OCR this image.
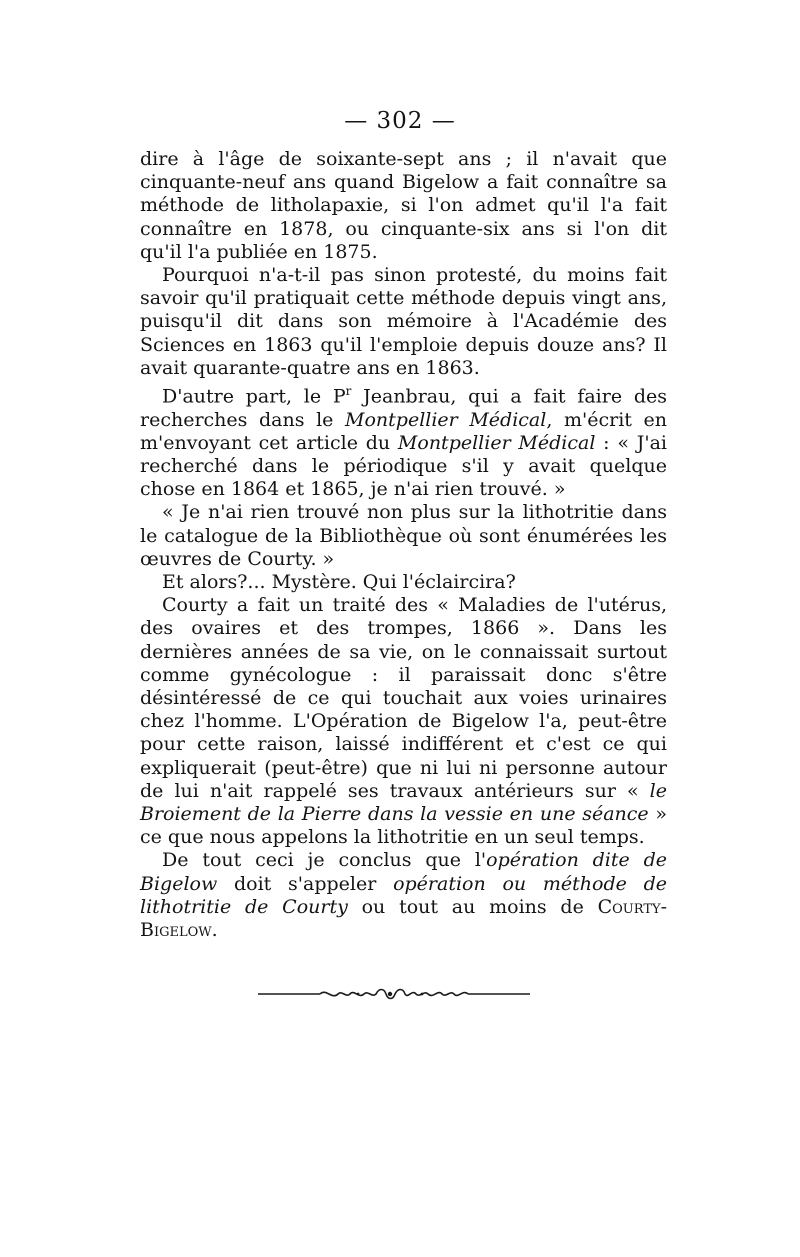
— 302 —

dire à l'âge de soixante-sept ans ; il n'avait que cinquante-neuf ans quand Bigelow a fait connaître sa méthode de litholapaxie, si l'on admet qu'il l'a fait connaître en 1878, ou cinquante-six ans si l'on dit qu'il l'a publiée en 1875.

Pourquoi n'a-t-il pas sinon protesté, du moins fait savoir qu'il pratiquait cette méthode depuis vingt ans, puisqu'il dit dans son mémoire à l'Académie des Sciences en 1863 qu'il l'emploie depuis douze ans? Il avait quarante-quatre ans en 1863.

D'autre part, le $P^r$ Jeanbrau, qui a fait faire des recherches dans le Montpellier Médical, m'écrit en m'envoyant cet article du Montpellier Médical : « J'ai recherché dans le périodique s'il y avait quelque chose en 1864 et 1865, je n'ai rien trouvé. »

« Je n'ai rien trouvé non plus sur la lithotritie dans le catalogue de la Bibliothèque où sont énumérées les œuvres de Courty. »

Et alors?... Mystère. Qui l'éclaircira?

Courty a fait un traité des « Maladies de l'utérus, des ovaires et des trompes, 1866 ». Dans les dernières années de sa vie, on le connaissait surtout comme gynécologue : il paraissait donc s'être désintéressé de ce qui touchait aux voies urinaires chez l'homme. L'Opération de Bigelow l'a, peut-être pour cette raison, laissé indifférent et c'est ce qui expliquerait (peut-être) que ni lui ni personne autour de lui n'ait rappelé ses travaux antérieurs sur « le Broiement de la Pierre dans la vessie en une séance » ce que nous appelons la lithotritie en un seul temps.

De tout ceci je conclus que l'opération dite de Bigelow doit s'appeler opération ou méthode de lithotritie de Courty ou tout au moins de Courty-Bigelow.
